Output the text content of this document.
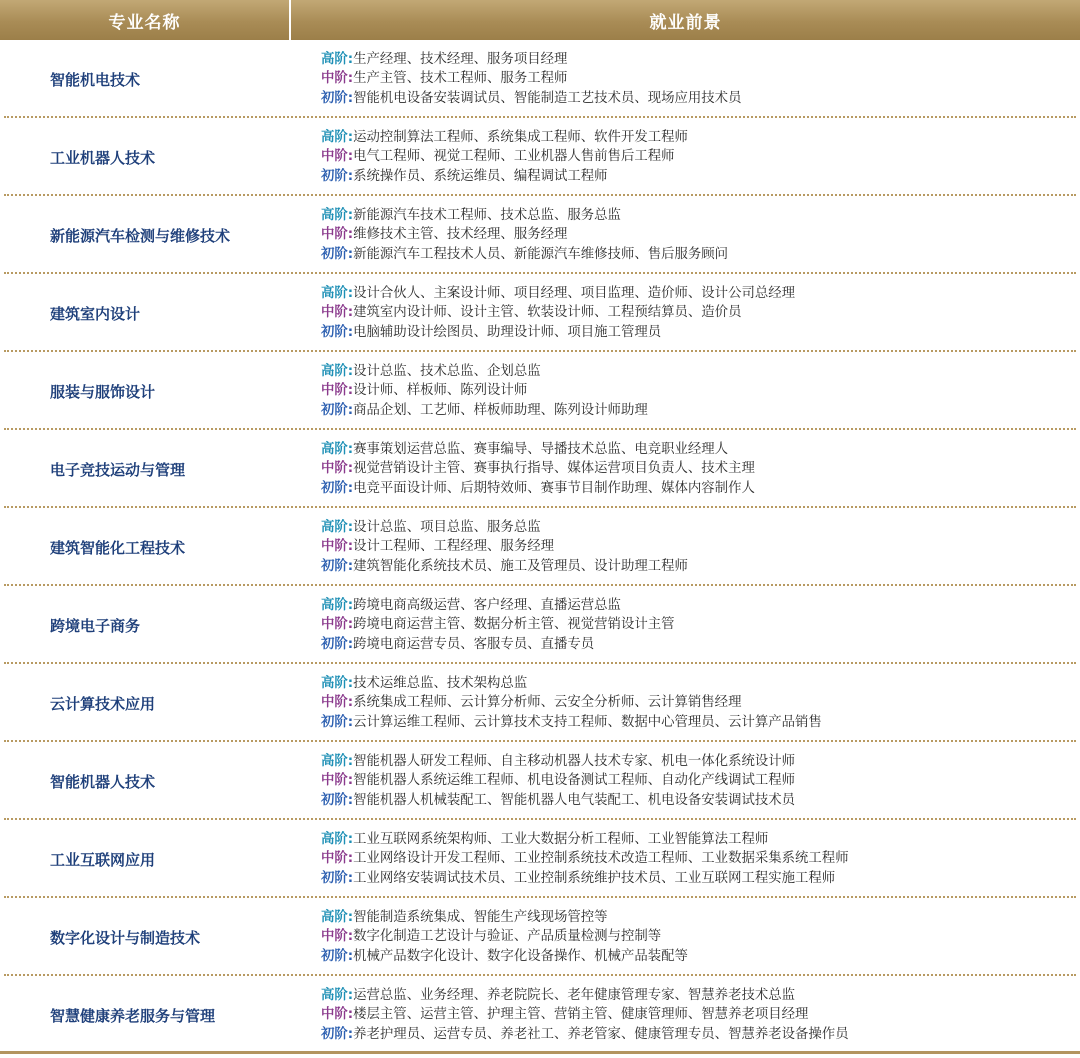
专业名称	就业前景
智能机电技术
高阶:生产经理、技术经理、服务项目经理
中阶:生产主管、技术工程师、服务工程师
初阶:智能机电设备安装调试员、智能制造工艺技术员、现场应用技术员
工业机器人技术
高阶:运动控制算法工程师、系统集成工程师、软件开发工程师
中阶:电气工程师、视觉工程师、工业机器人售前售后工程师
初阶:系统操作员、系统运维员、编程调试工程师
新能源汽车检测与维修技术
高阶:新能源汽车技术工程师、技术总监、服务总监
中阶:维修技术主管、技术经理、服务经理
初阶:新能源汽车工程技术人员、新能源汽车维修技师、售后服务顾问
建筑室内设计
高阶:设计合伙人、主案设计师、项目经理、项目监理、造价师、设计公司总经理
中阶:建筑室内设计师、设计主管、软装设计师、工程预结算员、造价员
初阶:电脑辅助设计绘图员、助理设计师、项目施工管理员
服装与服饰设计
高阶:设计总监、技术总监、企划总监
中阶:设计师、样板师、陈列设计师
初阶:商品企划、工艺师、样板师助理、陈列设计师助理
电子竞技运动与管理
高阶:赛事策划运营总监、赛事编导、导播技术总监、电竞职业经理人
中阶:视觉营销设计主管、赛事执行指导、媒体运营项目负责人、技术主理
初阶:电竞平面设计师、后期特效师、赛事节目制作助理、媒体内容制作人
建筑智能化工程技术
高阶:设计总监、项目总监、服务总监
中阶:设计工程师、工程经理、服务经理
初阶:建筑智能化系统技术员、施工及管理员、设计助理工程师
跨境电子商务
高阶:跨境电商高级运营、客户经理、直播运营总监
中阶:跨境电商运营主管、数据分析主管、视觉营销设计主管
初阶:跨境电商运营专员、客服专员、直播专员
云计算技术应用
高阶:技术运维总监、技术架构总监
中阶:系统集成工程师、云计算分析师、云安全分析师、云计算销售经理
初阶:云计算运维工程师、云计算技术支持工程师、数据中心管理员、云计算产品销售
智能机器人技术
高阶:智能机器人研发工程师、自主移动机器人技术专家、机电一体化系统设计师
中阶:智能机器人系统运维工程师、机电设备测试工程师、自动化产线调试工程师
初阶:智能机器人机械装配工、智能机器人电气装配工、机电设备安装调试技术员
工业互联网应用
高阶:工业互联网系统架构师、工业大数据分析工程师、工业智能算法工程师
中阶:工业网络设计开发工程师、工业控制系统技术改造工程师、工业数据采集系统工程师
初阶:工业网络安装调试技术员、工业控制系统维护技术员、工业互联网工程实施工程师
数字化设计与制造技术
高阶:智能制造系统集成、智能生产线现场管控等
中阶:数字化制造工艺设计与验证、产品质量检测与控制等
初阶:机械产品数字化设计、数字化设备操作、机械产品装配等
智慧健康养老服务与管理
高阶:运营总监、业务经理、养老院院长、老年健康管理专家、智慧养老技术总监
中阶:楼层主管、运营主管、护理主管、营销主管、健康管理师、智慧养老项目经理
初阶:养老护理员、运营专员、养老社工、养老管家、健康管理专员、智慧养老设备操作员
